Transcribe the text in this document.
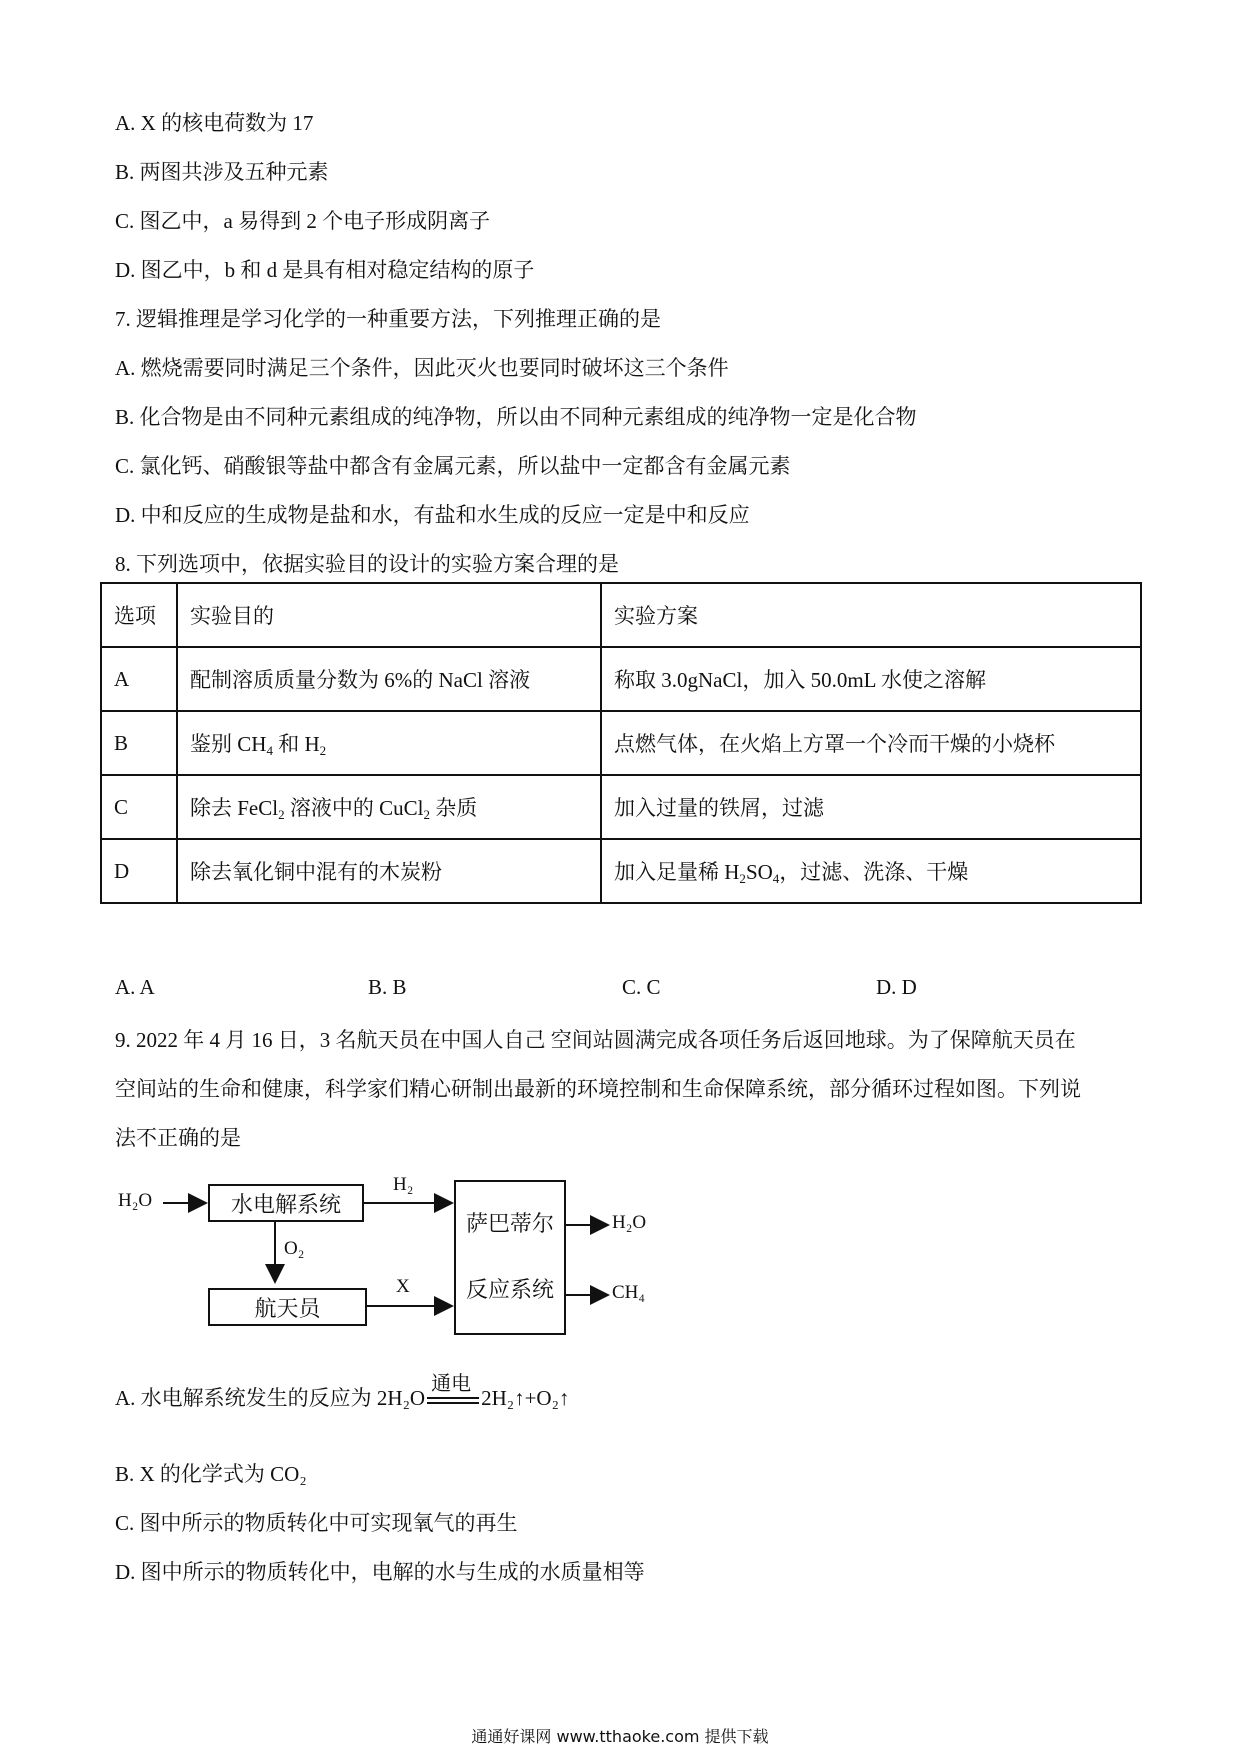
A. X 的核电荷数为 17
B. 两图共涉及五种元素
C. 图乙中，a 易得到 2 个电子形成阴离子
D. 图乙中，b 和 d 是具有相对稳定结构的原子
7. 逻辑推理是学习化学的一种重要方法，下列推理正确的是
A. 燃烧需要同时满足三个条件，因此灭火也要同时破坏这三个条件
B. 化合物是由不同种元素组成的纯净物，所以由不同种元素组成的纯净物一定是化合物
C. 氯化钙、硝酸银等盐中都含有金属元素，所以盐中一定都含有金属元素
D. 中和反应的生成物是盐和水，有盐和水生成的反应一定是中和反应
8. 下列选项中，依据实验目的设计的实验方案合理的是
选项	实验目的	实验方案
A	配制溶质质量分数为 6%的 NaCl 溶液	称取 3.0gNaCl，加入 50.0mL 水使之溶解
B	鉴别 $CH_4$ 和 $H_2$	点燃气体，在火焰上方罩一个冷而干燥的小烧杯
C	除去 FeCl$_2$ 溶液中的 CuCl$_2$ 杂质	加入过量的铁屑，过滤
D	除去氧化铜中混有的木炭粉	加入足量稀 $H_2SO_4$，过滤、洗涤、干燥
A. A	B. B	C. C	D. D
9. 2022 年 4 月 16 日，3 名航天员在中国人自己 空间站圆满完成各项任务后返回地球。为了保障航天员在
空间站的生命和健康，科学家们精心研制出最新的环境控制和生命保障系统，部分循环过程如图。下列说
法不正确的是
H₂O	水电解系统
H₂
O₂
航天员
X
萨巴蒂尔
反应系统
H₂O
CH₄
A. 水电解系统发生的反应为 2H₂O
通电
2H₂↑+O₂↑
B. X 的化学式为 CO₂
C. 图中所示的物质转化中可实现氧气的再生
D. 图中所示的物质转化中，电解的水与生成的水质量相等
通通好课网 www.tthaoke.com 提供下载
